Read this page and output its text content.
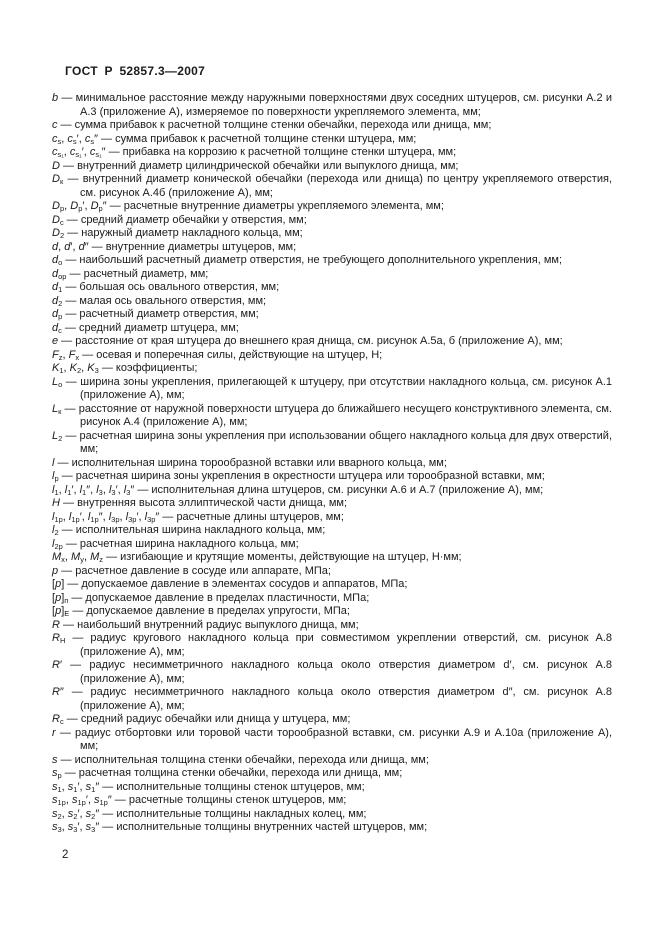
ГОСТ Р 52857.3—2007

b — минимальное расстояние между наружными поверхностями двух соседних штуцеров, см. рисунки А.2 и А.3 (приложение А), измеряемое по поверхности укрепляемого элемента, мм;

c — сумма прибавок к расчетной толщине стенки обечайки, перехода или днища, мм;

$c_s$, $c_s'$, $c_s''$ — сумма прибавок к расчетной толщине стенки штуцера, мм;

$c_{s_1}$, $c_{s_1}'$, $c_{s_1}''$ — прибавка на коррозию к расчетной толщине стенки штуцера, мм;

D — внутренний диаметр цилиндрической обечайки или выпуклого днища, мм;

$D_к$ — внутренний диаметр конической обечайки (перехода или днища) по центру укрепляемого отверстия, см. рисунок А.4б (приложение А), мм;

$D_р$, $D_р'$, $D_р''$ — расчетные внутренние диаметры укрепляемого элемента, мм;

$D_с$ — средний диаметр обечайки у отверстия, мм;

$D_2$ — наружный диаметр накладного кольца, мм;

d, d′, d″ — внутренние диаметры штуцеров, мм;

$d_о$ — наибольший расчетный диаметр отверстия, не требующего дополнительного укрепления, мм;

$d_{ор}$ — расчетный диаметр, мм;

$d_1$ — большая ось овального отверстия, мм;

$d_2$ — малая ось овального отверстия, мм;

$d_р$ — расчетный диаметр отверстия, мм;

$d_с$ — средний диаметр штуцера, мм;

e — расстояние от края штуцера до внешнего края днища, см. рисунок А.5а, б (приложение А), мм;

$F_z$, $F_x$ — осевая и поперечная силы, действующие на штуцер, Н;

$K_1$, $K_2$, $K_3$ — коэффициенты;

$L_о$ — ширина зоны укрепления, прилегающей к штуцеру, при отсутствии накладного кольца, см. рисунок А.1 (приложение А), мм;

$L_к$ — расстояние от наружной поверхности штуцера до ближайшего несущего конструктивного элемента, см. рисунок А.4 (приложение А), мм;

$L_2$ — расчетная ширина зоны укрепления при использовании общего накладного кольца для двух отверстий, мм;

l — исполнительная ширина торообразной вставки или вварного кольца, мм;

$l_р$ — расчетная ширина зоны укрепления в окрестности штуцера или торообразной вставки, мм;

$l_1$, $l_1'$, $l_1''$, $l_3$, $l_3'$, $l_3''$ — исполнительная длина штуцеров, см. рисунки А.6 и А.7 (приложение А), мм;

H — внутренняя высота эллиптической части днища, мм;

$l_{1р}$, $l_{1р}'$, $l_{1р}''$, $l_{3р}$, $l_{3р}'$, $l_{3р}''$ — расчетные длины штуцеров, мм;

$l_2$ — исполнительная ширина накладного кольца, мм;

$l_{2р}$ — расчетная ширина накладного кольца, мм;

$M_x$, $M_y$, $M_z$ — изгибающие и крутящие моменты, действующие на штуцер, Н·мм;

p — расчетное давление в сосуде или аппарате, МПа;

[p] — допускаемое давление в элементах сосудов и аппаратов, МПа;

$[p]_п$ — допускаемое давление в пределах пластичности, МПа;

$[p]_E$ — допускаемое давление в пределах упругости, МПа;

R — наибольший внутренний радиус выпуклого днища, мм;

$R_H$ — радиус кругового накладного кольца при совместимом укреплении отверстий, см. рисунок А.8 (приложение А), мм;

R′ — радиус несимметричного накладного кольца около отверстия диаметром d′, см. рисунок А.8 (приложение А), мм;

R″ — радиус несимметричного накладного кольца около отверстия диаметром d″, см. рисунок А.8 (приложение А), мм;

$R_с$ — средний радиус обечайки или днища у штуцера, мм;

r — радиус отбортовки или торовой части торообразной вставки, см. рисунки А.9 и А.10а (приложение А), мм;

s — исполнительная толщина стенки обечайки, перехода или днища, мм;

$s_р$ — расчетная толщина стенки обечайки, перехода или днища, мм;

$s_1$, $s_1'$, $s_1''$ — исполнительные толщины стенок штуцеров, мм;

$s_{1р}$, $s_{1р}'$, $s_{1р}''$ — расчетные толщины стенок штуцеров, мм;

$s_2$, $s_2'$, $s_2''$ — исполнительные толщины накладных колец, мм;

$s_3$, $s_3'$, $s_3''$ — исполнительные толщины внутренних частей штуцеров, мм;

2
